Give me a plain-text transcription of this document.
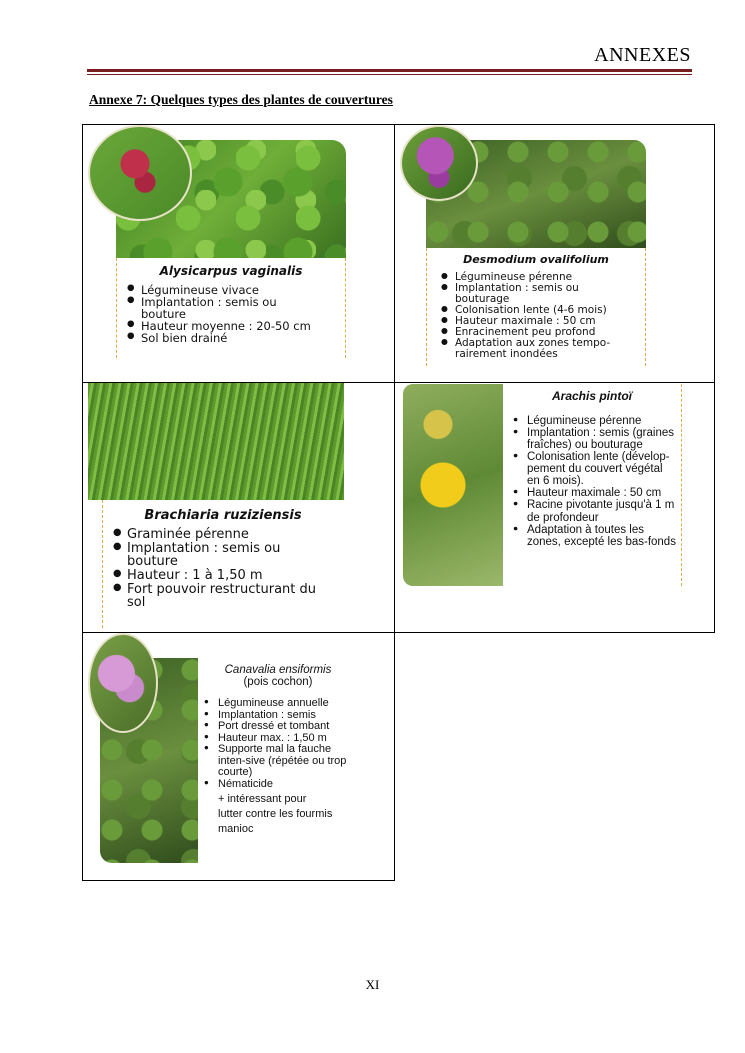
ANNEXES
Annexe 7: Quelques types des plantes de couvertures
Alysicarpus vaginalis
● Légumineuse vivace
● Implantation : semis ou bouture
● Hauteur moyenne : 20-50 cm
● Sol bien drainé
Desmodium ovalifolium
● Légumineuse pérenne
● Implantation : semis ou bouturage
● Colonisation lente (4-6 mois)
● Hauteur maximale : 50 cm
● Enracinement peu profond
● Adaptation aux zones tempo-rairement inondées
Brachiaria ruziziensis
● Graminée pérenne
● Implantation : semis ou bouture
● Hauteur : 1 à 1,50 m
● Fort pouvoir restructurant du sol
Arachis pintoï
● Légumineuse pérenne
● Implantation : semis (graines fraîches) ou bouturage
● Colonisation lente (dévelop-pement du couvert végétal en 6 mois).
● Hauteur maximale : 50 cm
● Racine pivotante jusqu'à 1 m de profondeur
● Adaptation à toutes les zones, excepté les bas-fonds
Canavalia ensiformis
(pois cochon)
● Légumineuse annuelle
● Implantation : semis
● Port dressé et tombant
● Hauteur max. : 1,50 m
● Supporte mal la fauche inten-sive (répétée ou trop courte)
● Nématicide
+ intéressant pour
lutter contre les fourmis
manioc
XI
